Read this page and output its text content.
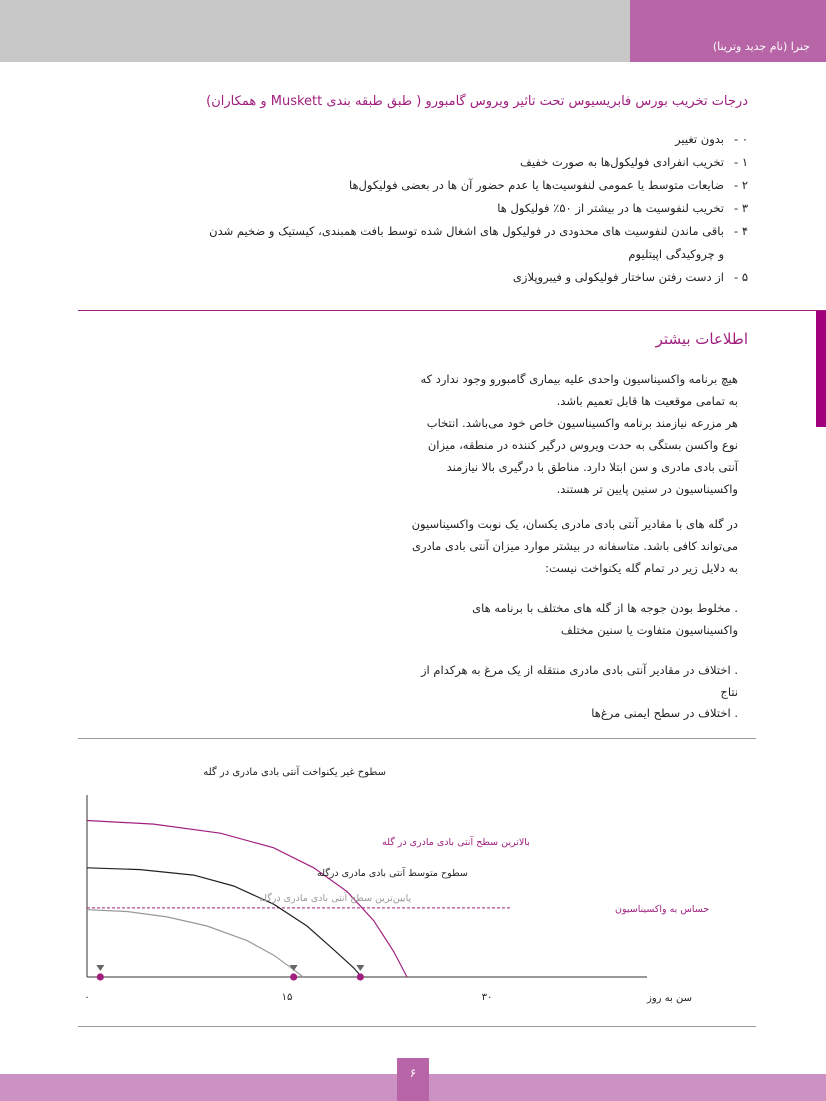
جنرا (نام جدید وترینا)
درجات تخریب بورس فابریسیوس تحت تاثیر ویروس گامبورو ( طبق طبقه بندی Muskett و همکاران)
٠ -بدون تغییر
١ -تخریب انفرادی فولیکول‌ها به صورت خفیف
٢ -ضایعات متوسط یا عمومی لنفوسیت‌ها یا عدم حضور آن ها در بعضی فولیکول‌ها
٣ -تخریب لنفوسیت ها در بیشتر از ۵۰٪ فولیکول ها
۴ -باقی ماندن لنفوسیت های محدودی در فولیکول های اشغال شده توسط بافت همبندی، کیستیک و ضخیم شدن
و چروکیدگی اپیتلیوم
۵ -از دست رفتن ساختار فولیکولی و فیبروپلازی
اطلاعات بیشتر

هیچ برنامه واکسیناسیون واحدی علیه بیماری گامبورو وجود ندارد که به تمامی موقعیت ها قابل تعمیم باشد.

هر مزرعه نیازمند برنامه واکسیناسیون خاص خود می‌باشد. انتخاب نوع واکسن بستگی به حدت ویروس درگیر کننده در منطقه، میزان آنتی بادی مادری و سن ابتلا دارد. مناطق با درگیری بالا نیازمند واکسیناسیون در سنین پایین تر هستند.

در گله های با مقادیر آنتی بادی مادری یکسان، یک نوبت واکسیناسیون می‌تواند کافی باشد. متاسفانه در بیشتر موارد میزان آنتی بادی مادری به دلایل زیر در تمام گله یکنواخت نیست:

. مخلوط بودن جوجه ها از گله های مختلف با برنامه های واکسیناسیون متفاوت یا سنین مختلف

. اختلاف در مقادیر آنتی بادی مادری منتقله از یک مرغ به هرکدام از نتاج

. اختلاف در سطح ایمنی مرغ‌ها

سطوح غیر یکنواخت آنتی بادی مادری در گله
حساس به واکسیناسیون
بالاترین سطح آنتی بادی مادری در گله
سطوح متوسط آنتی بادی مادری درگله
پایین‌ترین سطح آنتی بادی مادری درگله
٠	١۵	٣٠	سن به روز
۶
